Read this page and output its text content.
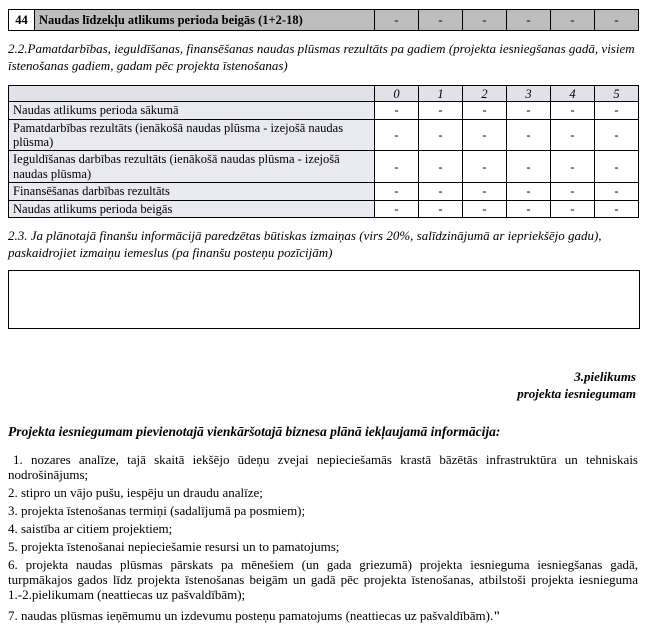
44	Naudas līdzekļu atlikums perioda beigās (1+2-18)	-	-	-	-	-	-

2.2.Pamatdarbības, ieguldīšanas, finansēšanas naudas plūsmas rezultāts pa gadiem (projekta iesniegšanas gadā, visiem īstenošanas gadiem, gadam pēc projekta īstenošanas)

	0	1	2	3	4	5
Naudas atlikums perioda sākumā	-	-	-	-	-	-
Pamatdarbības rezultāts (ienākošā naudas plūsma - izejošā naudas plūsma)	-	-	-	-	-	-
Ieguldīšanas darbības rezultāts (ienākošā naudas plūsma - izejošā naudas plūsma)	-	-	-	-	-	-
Finansēšanas darbības rezultāts	-	-	-	-	-	-
Naudas atlikums perioda beigās	-	-	-	-	-	-

2.3. Ja plānotajā finanšu informācijā paredzētas būtiskas izmaiņas (virs 20%, salīdzinājumā ar iepriekšējo gadu), paskaidrojiet izmaiņu iemeslus (pa finanšu posteņu pozīcijām)

3.pielikums
projekta iesniegumam

Projekta iesniegumam pievienotajā vienkāršotajā biznesa plānā iekļaujamā informācija:

1. nozares analīze, tajā skaitā iekšējo ūdeņu zvejai nepieciešamās krastā bāzētās infrastruktūra un tehniskais nodrošinājums;

2. stipro un vājo pušu, iespēju un draudu analīze;

3. projekta īstenošanas termiņi (sadalījumā pa posmiem);

4. saistība ar citiem projektiem;

5. projekta īstenošanai nepieciešamie resursi un to pamatojums;

6. projekta naudas plūsmas pārskats pa mēnešiem (un gada griezumā) projekta iesnieguma iesniegšanas gadā, turpmākajos gados līdz projekta īstenošanas beigām un gadā pēc projekta īstenošanas, atbilstoši projekta iesnieguma 1.-2.pielikumam (neattiecas uz pašvaldībām);

7. naudas plūsmas ieņēmumu un izdevumu posteņu pamatojums (neattiecas uz pašvaldībām)."
